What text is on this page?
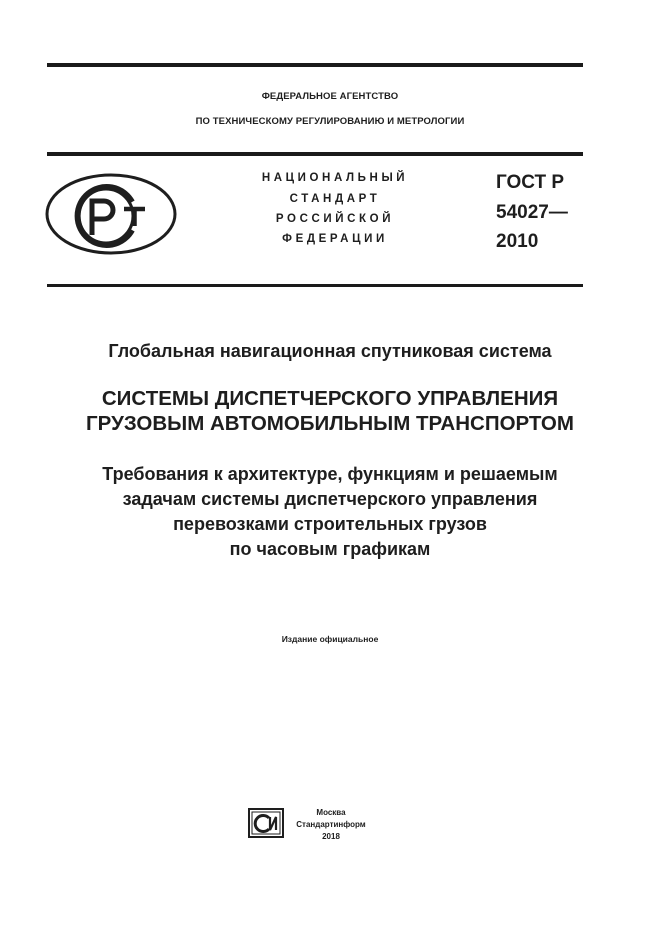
ФЕДЕРАЛЬНОЕ АГЕНТСТВО
ПО ТЕХНИЧЕСКОМУ РЕГУЛИРОВАНИЮ И МЕТРОЛОГИИ
НАЦИОНАЛЬНЫЙ
СТАНДАРТ
РОССИЙСКОЙ
ФЕДЕРАЦИИ
ГОСТ Р
54027—
2010
Глобальная навигационная спутниковая система
СИСТЕМЫ ДИСПЕТЧЕРСКОГО УПРАВЛЕНИЯ
ГРУЗОВЫМ АВТОМОБИЛЬНЫМ ТРАНСПОРТОМ
Требования к архитектуре, функциям и решаемым
задачам системы диспетчерского управления
перевозками строительных грузов
по часовым графикам
Издание официальное
Москва
Стандартинформ
2018
